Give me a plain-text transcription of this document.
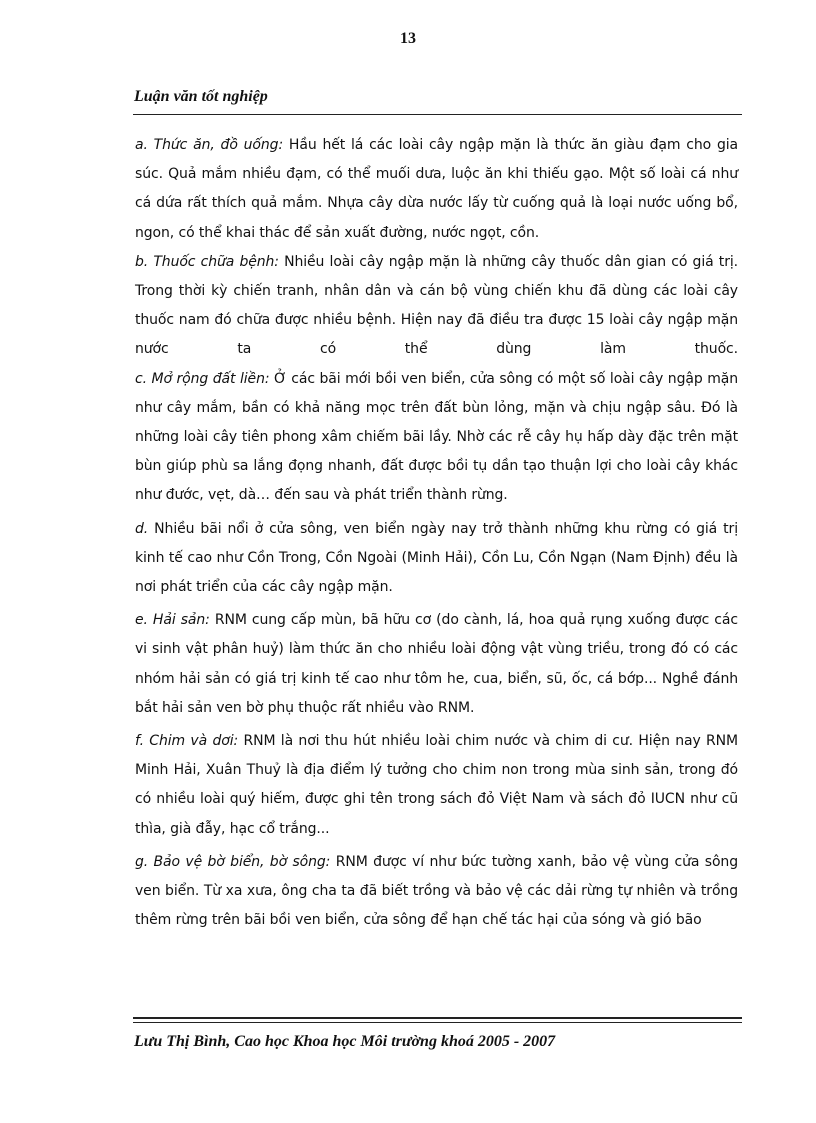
13
Luận văn tốt nghiệp

a. Thức ăn, đồ uống: Hầu hết lá các loài cây ngập mặn là thức ăn giàu đạm cho gia súc. Quả mắm nhiều đạm, có thể muối dưa, luộc ăn khi thiếu gạo. Một số loài cá như cá dứa rất thích quả mắm. Nhựa cây dừa nước lấy từ cuống quả là loại nước uống bổ, ngon, có thể khai thác để sản xuất đường, nước ngọt, cồn.

b. Thuốc chữa bệnh: Nhiều loài cây ngập mặn là những cây thuốc dân gian có giá trị. Trong thời kỳ chiến tranh, nhân dân và cán bộ vùng chiến khu đã dùng các loài cây thuốc nam đó chữa được nhiều bệnh. Hiện nay đã điều tra được 15 loài cây ngập mặn nước ta có thể dùng làm thuốc.

c. Mở rộng đất liền: Ở các bãi mới bồi ven biển, cửa sông có một số loài cây ngập mặn như cây mắm, bần có khả năng mọc trên đất bùn lỏng, mặn và chịu ngập sâu. Đó là những loài cây tiên phong xâm chiếm bãi lầy. Nhờ các rễ cây hụ hấp dày đặc trên mặt bùn giúp phù sa lắng đọng nhanh, đất được bồi tụ dần tạo thuận lợi cho loài cây khác như đước, vẹt, dà… đến sau và phát triển thành rừng.

d. Nhiều bãi nổi ở cửa sông, ven biển ngày nay trở thành những khu rừng có giá trị kinh tế cao như Cồn Trong, Cồn Ngoài (Minh Hải), Cồn Lu, Cồn Ngạn (Nam Định) đều là nơi phát triển của các cây ngập mặn.

e. Hải sản: RNM cung cấp mùn, bã hữu cơ (do cành, lá, hoa quả rụng xuống được các vi sinh vật phân huỷ) làm thức ăn cho nhiều loài động vật vùng triều, trong đó có các nhóm hải sản có giá trị kinh tế cao như tôm he, cua, biển, sũ, ốc, cá bớp... Nghề đánh bắt hải sản ven bờ phụ thuộc rất nhiều vào RNM.

f. Chim và dơi: RNM là nơi thu hút nhiều loài chim nước và chim di cư. Hiện nay RNM Minh Hải, Xuân Thuỷ là địa điểm lý tưởng cho chim non trong mùa sinh sản, trong đó có nhiều loài quý hiếm, được ghi tên trong sách đỏ Việt Nam và sách đỏ IUCN như cũ thìa, già đẫy, hạc cổ trắng...

g. Bảo vệ bờ biển, bờ sông: RNM được ví như bức tường xanh, bảo vệ vùng cửa sông ven biển. Từ xa xưa, ông cha ta đã biết trồng và bảo vệ các dải rừng tự nhiên và trồng thêm rừng trên bãi bồi ven biển, cửa sông để hạn chế tác hại của sóng và gió bão

Lưu Thị Bình, Cao học Khoa học Môi trường khoá 2005 - 2007
